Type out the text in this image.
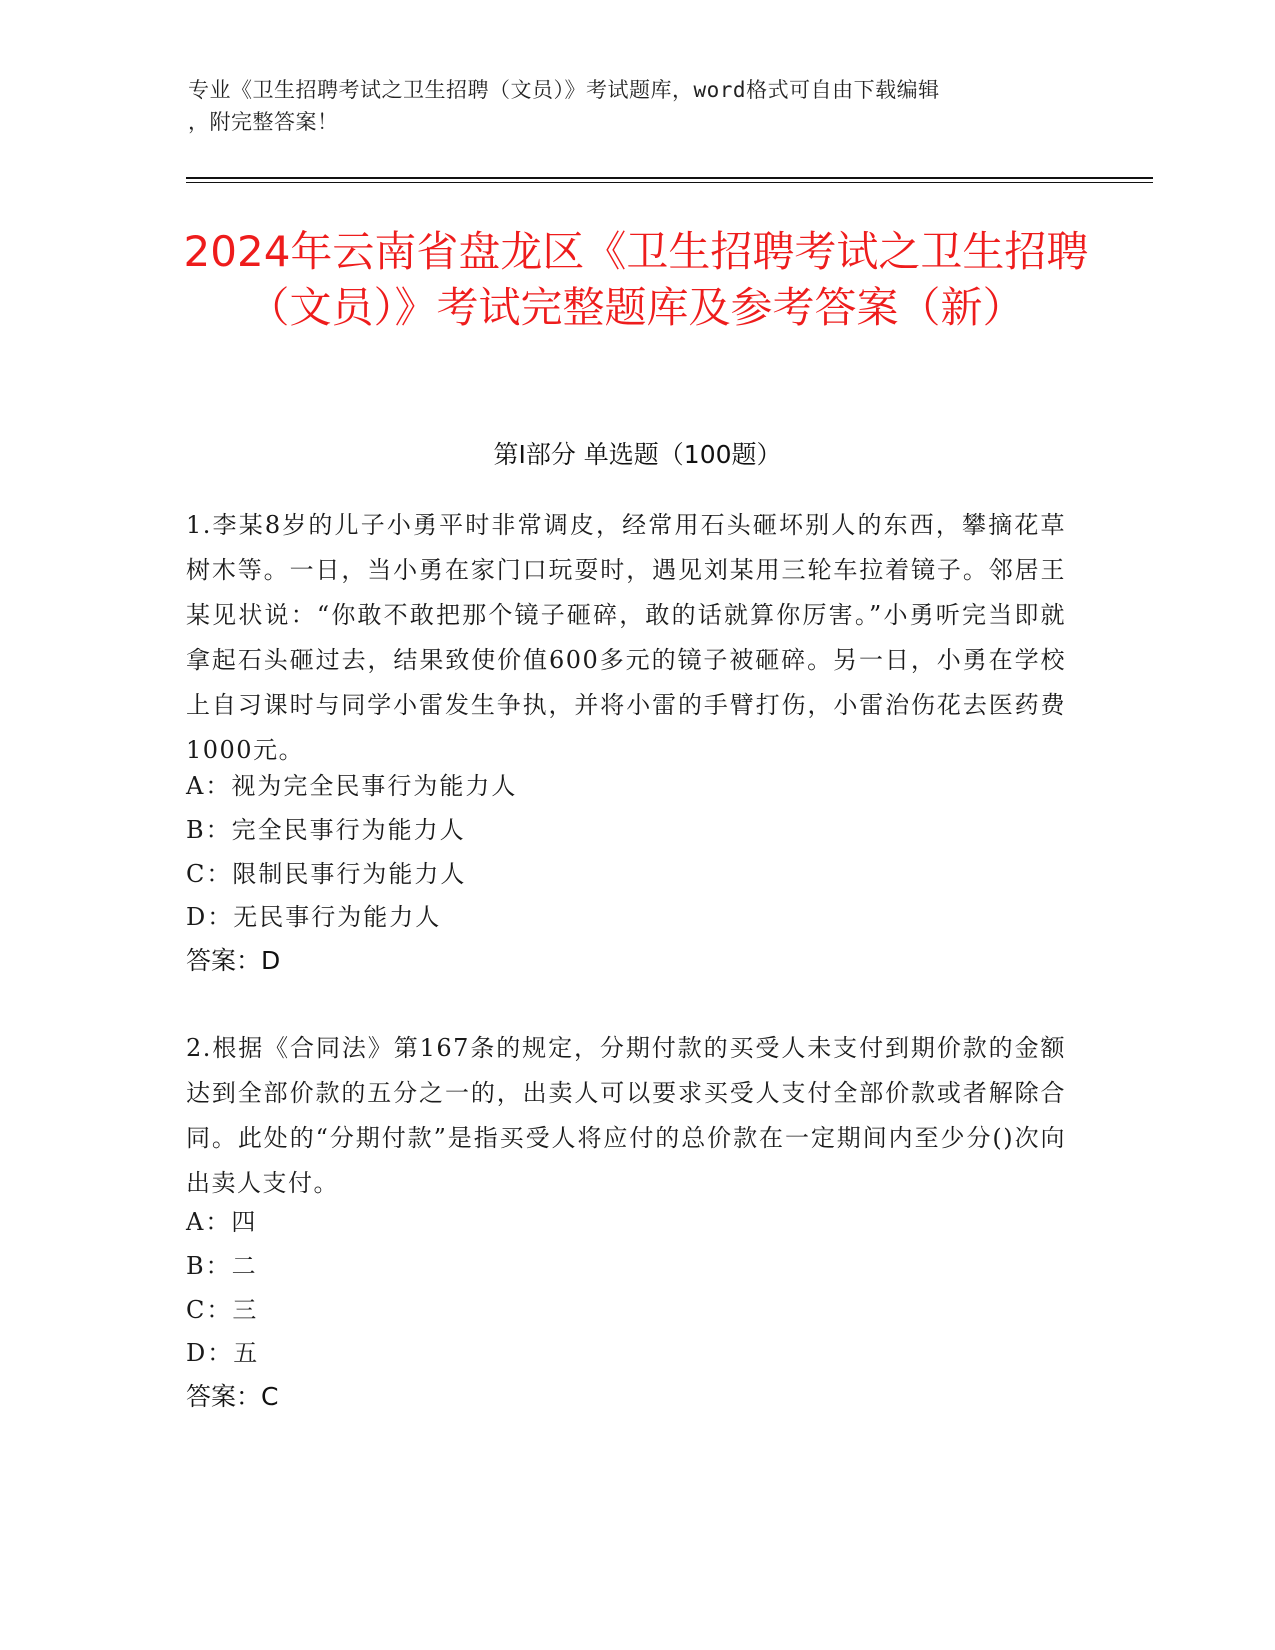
专业《卫生招聘考试之卫生招聘（文员）》考试题库，word格式可自由下载编辑
，附完整答案！
2024年云南省盘龙区《卫生招聘考试之卫生招聘（文员）》考试完整题库及参考答案（新）
第I部分 单选题（100题）
1.李某8岁的儿子小勇平时非常调皮，经常用石头砸坏别人的东西，攀摘花草树木等。一日，当小勇在家门口玩耍时，遇见刘某用三轮车拉着镜子。邻居王某见状说：“你敢不敢把那个镜子砸碎，敢的话就算你厉害。”小勇听完当即就拿起石头砸过去，结果致使价值600多元的镜子被砸碎。另一日，小勇在学校上自习课时与同学小雷发生争执，并将小雷的手臂打伤，小雷治伤花去医药费1000元。
A：视为完全民事行为能力人
B：完全民事行为能力人
C：限制民事行为能力人
D：无民事行为能力人
答案：D
2.根据《合同法》第167条的规定，分期付款的买受人未支付到期价款的金额达到全部价款的五分之一的，出卖人可以要求买受人支付全部价款或者解除合同。此处的“分期付款”是指买受人将应付的总价款在一定期间内至少分()次向出卖人支付。
A：四
B：二
C：三
D：五
答案：C
